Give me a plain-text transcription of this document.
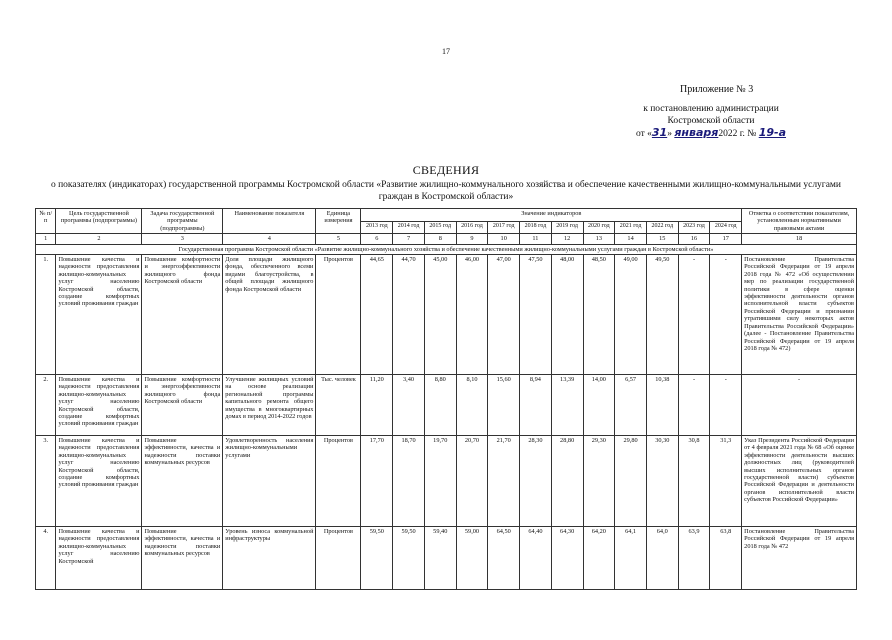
17
Приложение № 3
к постановлению администрации
Костромской области
от «31» января2022 г. № 19-а
СВЕДЕНИЯ
о показателях (индикаторах) государственной программы Костромской области «Развитие жилищно-коммунального хозяйства и обеспечение качественными жилищно-коммунальными услугами граждан в Костромской области»
№ п/п	Цель государственной программы (подпрограммы)	Задача государственной программы (подпрограммы)	Наименование показателя	Единица измерения	Значение индикаторов												Отметка о соответствии показателям, установленным нормативными правовыми актами
					2013 год	2014 год	2015 год	2016 год	2017 год	2018 год	2019 год	2020 год	2021 год	2022 год	2023 год	2024 год	
1	2	3	4	5	6	7	8	9	10	11	12	13	14	15	16	17	18
Государственная программа Костромской области «Развитие жилищно-коммунального хозяйства и обеспечение качественными жилищно-коммунальными услугами граждан в Костромской области»																	
1.	Повышение качества и надежности предоставления жилищно-коммунальных услуг населению Костромской области, создание комфортных условий проживания граждан	Повышение комфортности и энергоэффективности жилищного фонда Костромской области	Доля площади жилищного фонда, обеспеченного всеми видами благоустройства, в общей площади жилищного фонда Костромской области	Процентов	44,65	44,70	45,00	46,00	47,00	47,50	48,00	48,50	49,00	49,50	-	-	Постановление Правительства Российской Федерации от 19 апреля 2018 года № 472 «Об осуществлении мер по реализации государственной политики в сфере оценки эффективности деятельности органов исполнительной власти субъектов Российской Федерации и признании утратившими силу некоторых актов Правительства Российской Федерации» (далее - Постановление Правительства Российской Федерации от 19 апреля 2018 года № 472)
2.	Повышение качества и надежности предоставления жилищно-коммунальных услуг населению Костромской области, создание комфортных условий проживания граждан	Повышение комфортности и энергоэффективности жилищного фонда Костромской области	Улучшение жилищных условий на основе реализации региональной программы капитального ремонта общего имущества в многоквартирных домах в период 2014-2022 годов	Тыс. человек	11,20	3,40	8,80	8,10	15,60	8,94	13,39	14,00	6,57	10,38	-	-	-
3.	Повышение качества и надежности предоставления жилищно-коммунальных услуг населению Костромской области, создание комфортных условий проживания граждан	Повышение эффективности, качества и надежности поставки коммунальных ресурсов	Удовлетворенность населения жилищно-коммунальными услугами	Процентов	17,70	18,70	19,70	20,70	21,70	28,30	28,80	29,30	29,80	30,30	30,8	31,3	Указ Президента Российской Федерации от 4 февраля 2021 года № 68 «Об оценке эффективности деятельности высших должностных лиц (руководителей высших исполнительных органов государственной власти) субъектов Российской Федерации и деятельности органов исполнительной власти субъектов Российской Федерации»
4.	Повышение качества и надежности предоставления жилищно-коммунальных услуг населению Костромской	Повышение эффективности, качества и надежности поставки коммунальных ресурсов	Уровень износа коммунальной инфраструктуры	Процентов	59,50	59,50	59,40	59,00	64,50	64,40	64,30	64,20	64,1	64,0	63,9	63,8	Постановление Правительства Российской Федерации от 19 апреля 2018 года № 472
